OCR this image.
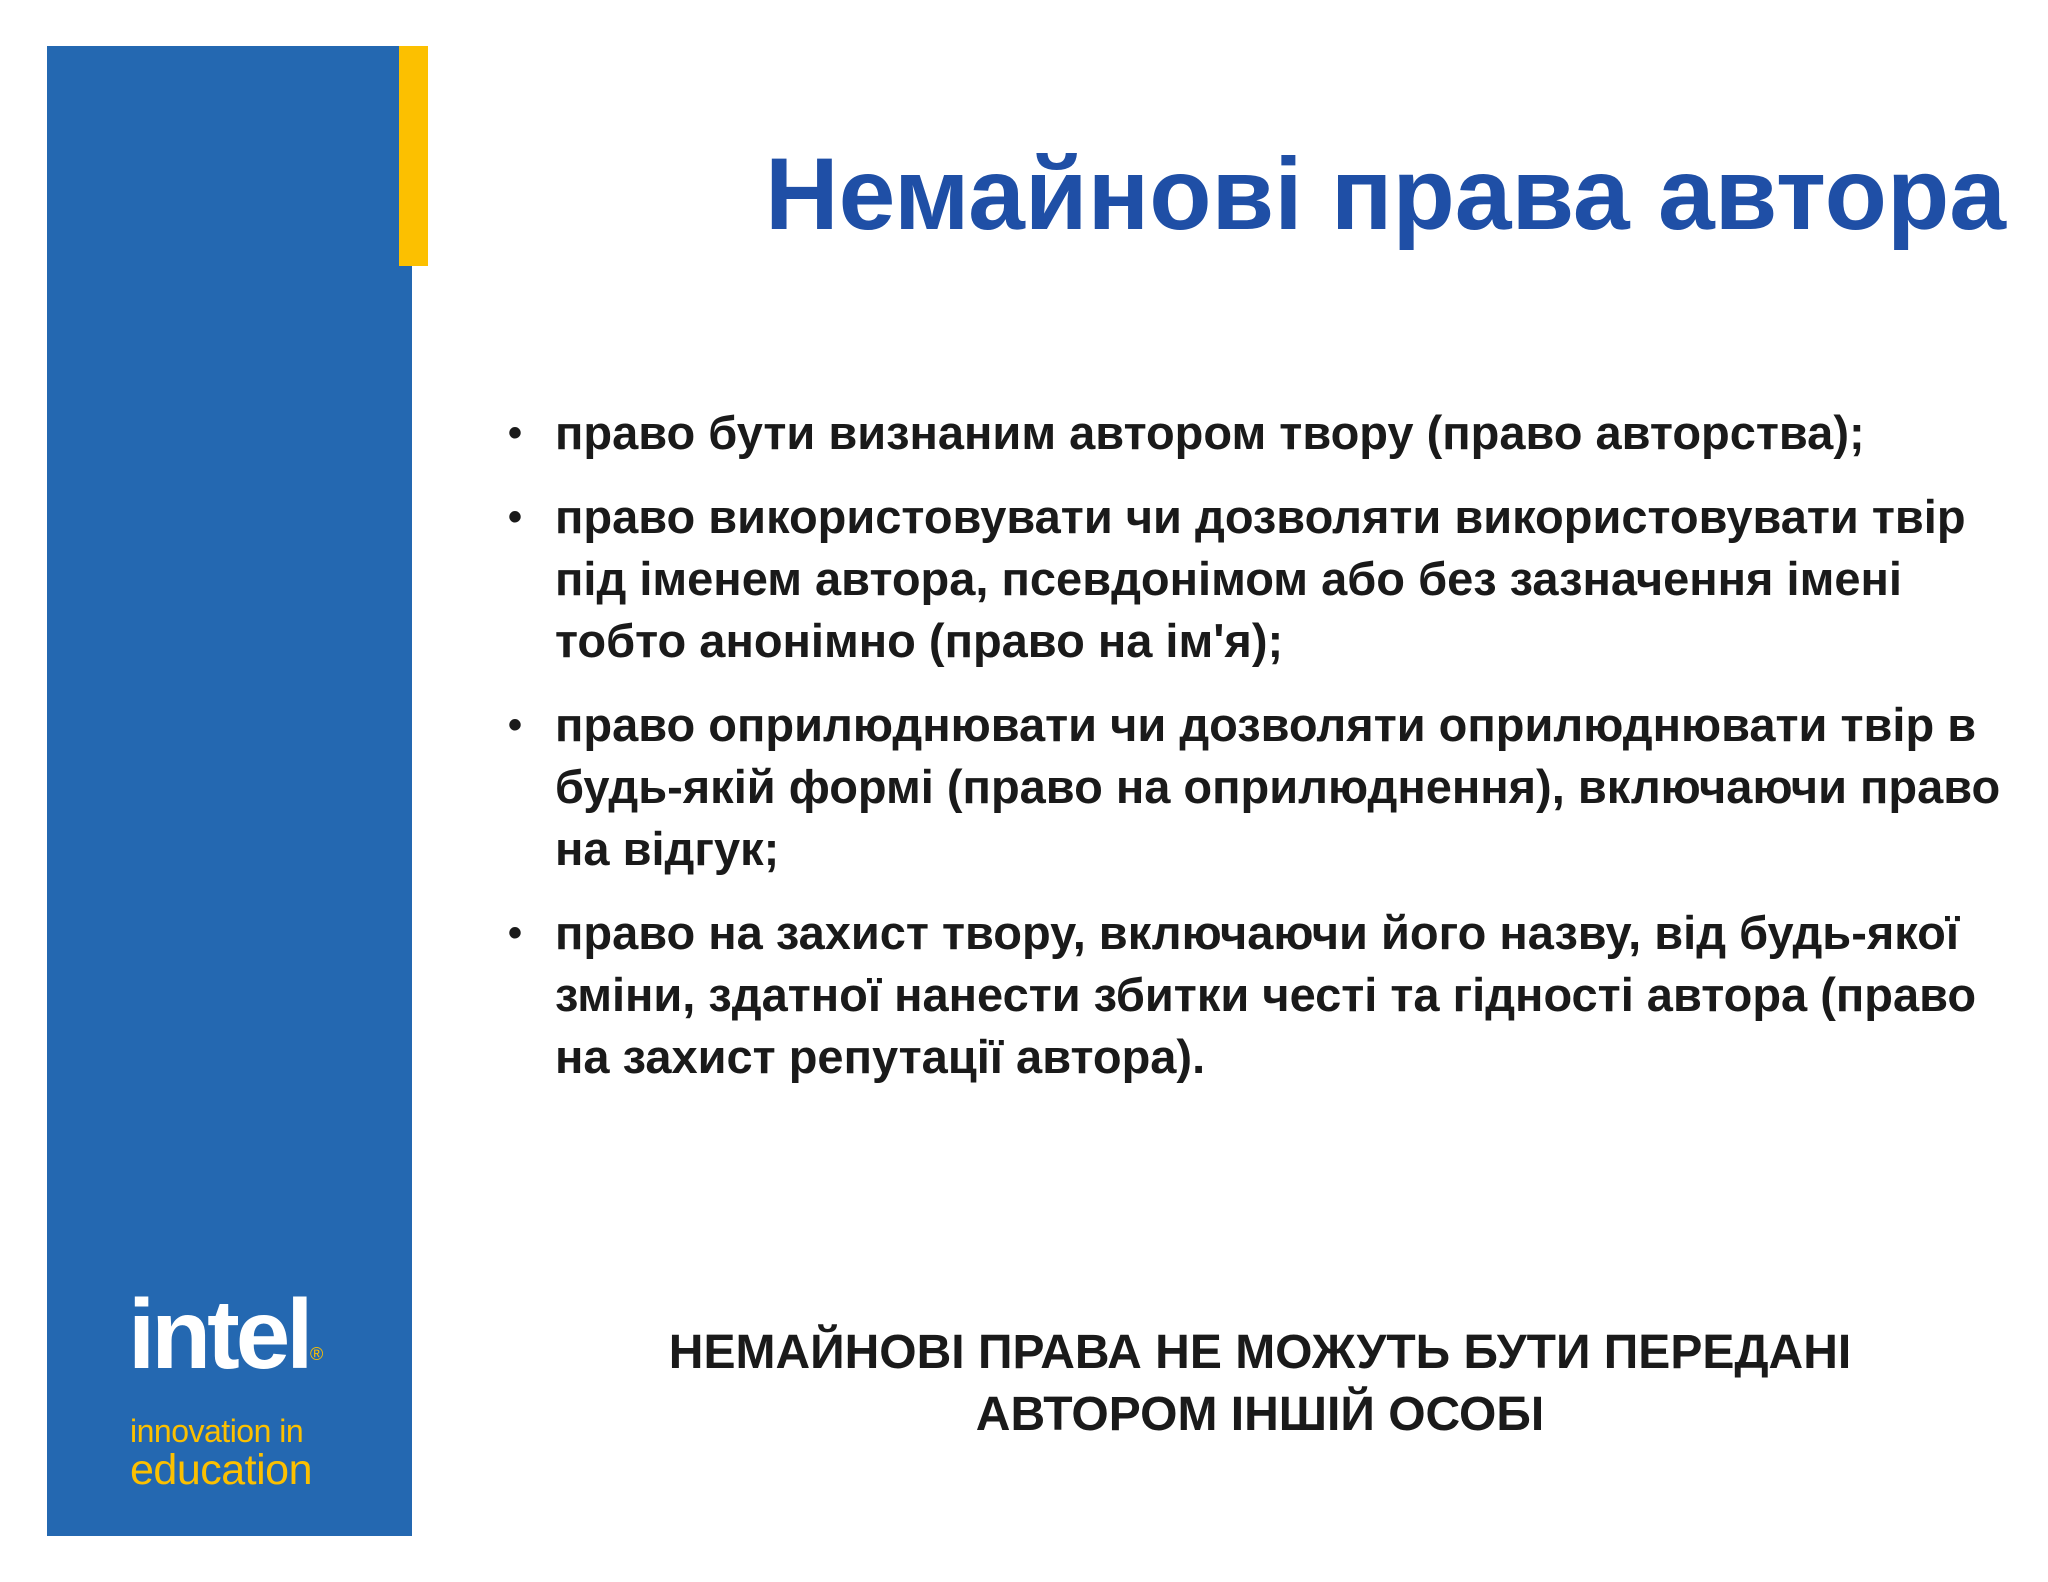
intel ®
innovation in
education
Немайнові права автора
• право бути визнаним автором твору (право авторства);
• право використовувати чи дозволяти використовувати твір під іменем автора, псевдонімом або без зазначення імені тобто анонімно (право на ім'я);
• право оприлюднювати чи дозволяти оприлюднювати твір в будь-якій формі (право на оприлюднення), включаючи право на відгук;
• право на захист твору, включаючи його назву, від будь-якої зміни, здатної нанести збитки честі та гідності автора (право на захист репутації автора).

НЕМАЙНОВІ ПРАВА НЕ МОЖУТЬ БУТИ ПЕРЕДАНІ
АВТОРОМ ІНШІЙ ОСОБІ
